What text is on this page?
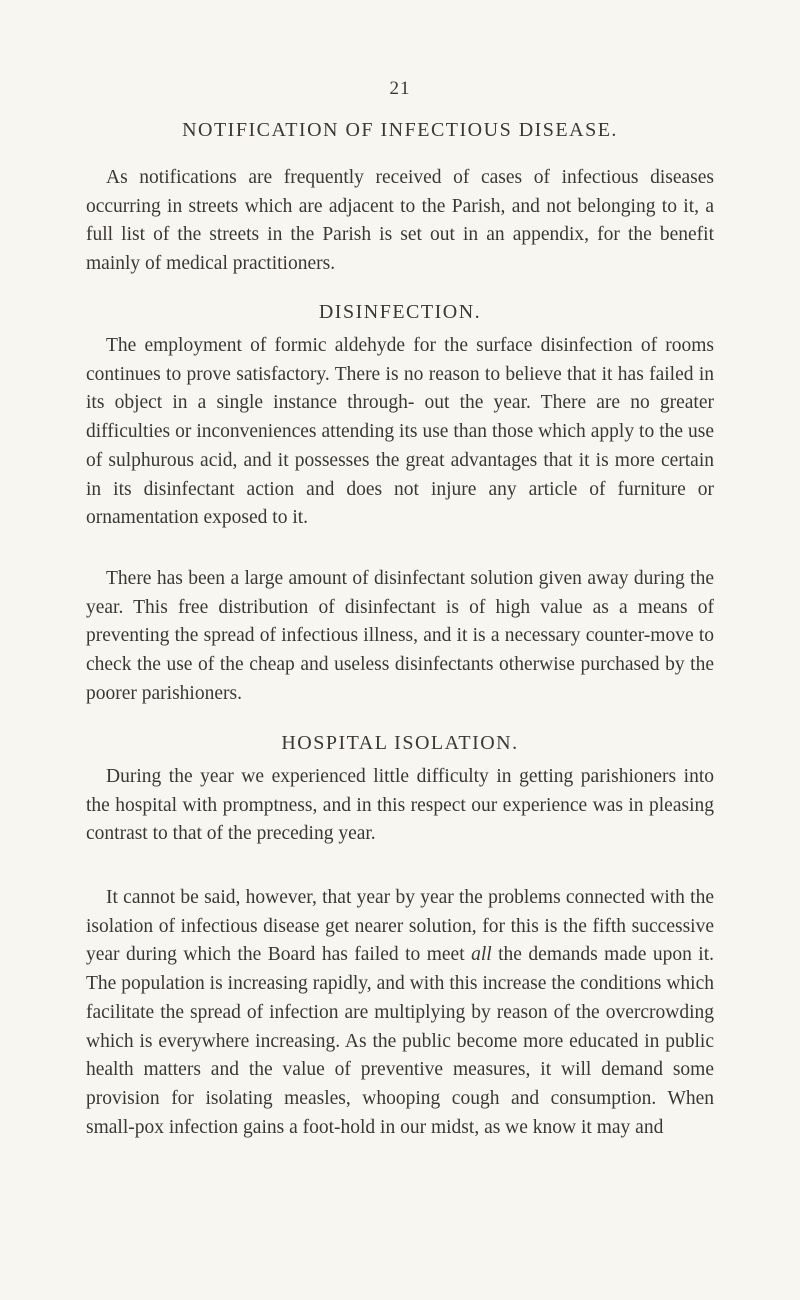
21
NOTIFICATION OF INFECTIOUS DISEASE.

As notifications are frequently received of cases of infectious diseases occurring in streets which are adjacent to the Parish, and not belonging to it, a full list of the streets in the Parish is set out in an appendix, for the benefit mainly of medical practitioners.

DISINFECTION.

The employment of formic aldehyde for the surface disinfection of rooms continues to prove satisfactory. There is no reason to believe that it has failed in its object in a single instance through- out the year. There are no greater difficulties or inconveniences attending its use than those which apply to the use of sulphurous acid, and it possesses the great advantages that it is more certain in its disinfectant action and does not injure any article of furniture or ornamentation exposed to it.

There has been a large amount of disinfectant solution given away during the year. This free distribution of disinfectant is of high value as a means of preventing the spread of infectious illness, and it is a necessary counter-move to check the use of the cheap and useless disinfectants otherwise purchased by the poorer parishioners.

HOSPITAL ISOLATION.

During the year we experienced little difficulty in getting parishioners into the hospital with promptness, and in this respect our experience was in pleasing contrast to that of the preceding year.

It cannot be said, however, that year by year the problems connected with the isolation of infectious disease get nearer solution, for this is the fifth successive year during which the Board has failed to meet all the demands made upon it. The population is increasing rapidly, and with this increase the conditions which facilitate the spread of infection are multiplying by reason of the overcrowding which is everywhere increasing. As the public become more educated in public health matters and the value of preventive measures, it will demand some provision for isolating measles, whooping cough and consumption. When small-pox infection gains a foot-hold in our midst, as we know it may and
